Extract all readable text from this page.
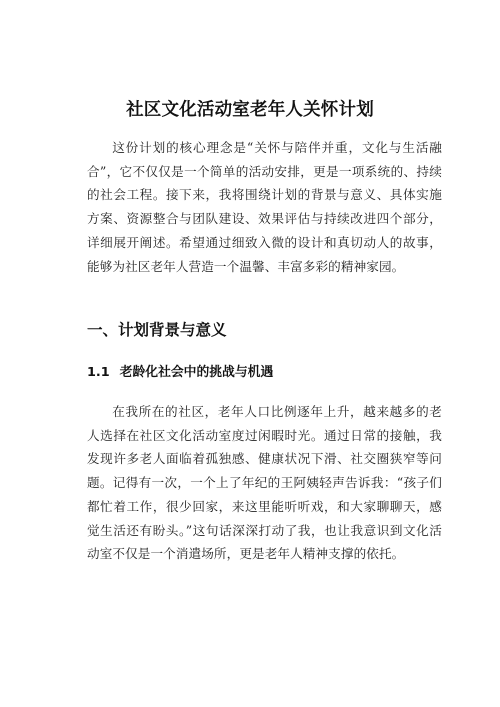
社区文化活动室老年人关怀计划
这份计划的核心理念是“关怀与陪伴并重，文化与生活融合”，它不仅仅是一个简单的活动安排，更是一项系统的、持续的社会工程。接下来，我将围绕计划的背景与意义、具体实施方案、资源整合与团队建设、效果评估与持续改进四个部分，详细展开阐述。希望通过细致入微的设计和真切动人的故事，能够为社区老年人营造一个温馨、丰富多彩的精神家园。
一、计划背景与意义
1.1 老龄化社会中的挑战与机遇
在我所在的社区，老年人口比例逐年上升，越来越多的老人选择在社区文化活动室度过闲暇时光。通过日常的接触，我发现许多老人面临着孤独感、健康状况下滑、社交圈狭窄等问题。记得有一次，一个上了年纪的王阿姨轻声告诉我：“孩子们都忙着工作，很少回家，来这里能听听戏，和大家聊聊天，感觉生活还有盼头。”这句话深深打动了我，也让我意识到文化活动室不仅是一个消遣场所，更是老年人精神支撑的依托。
